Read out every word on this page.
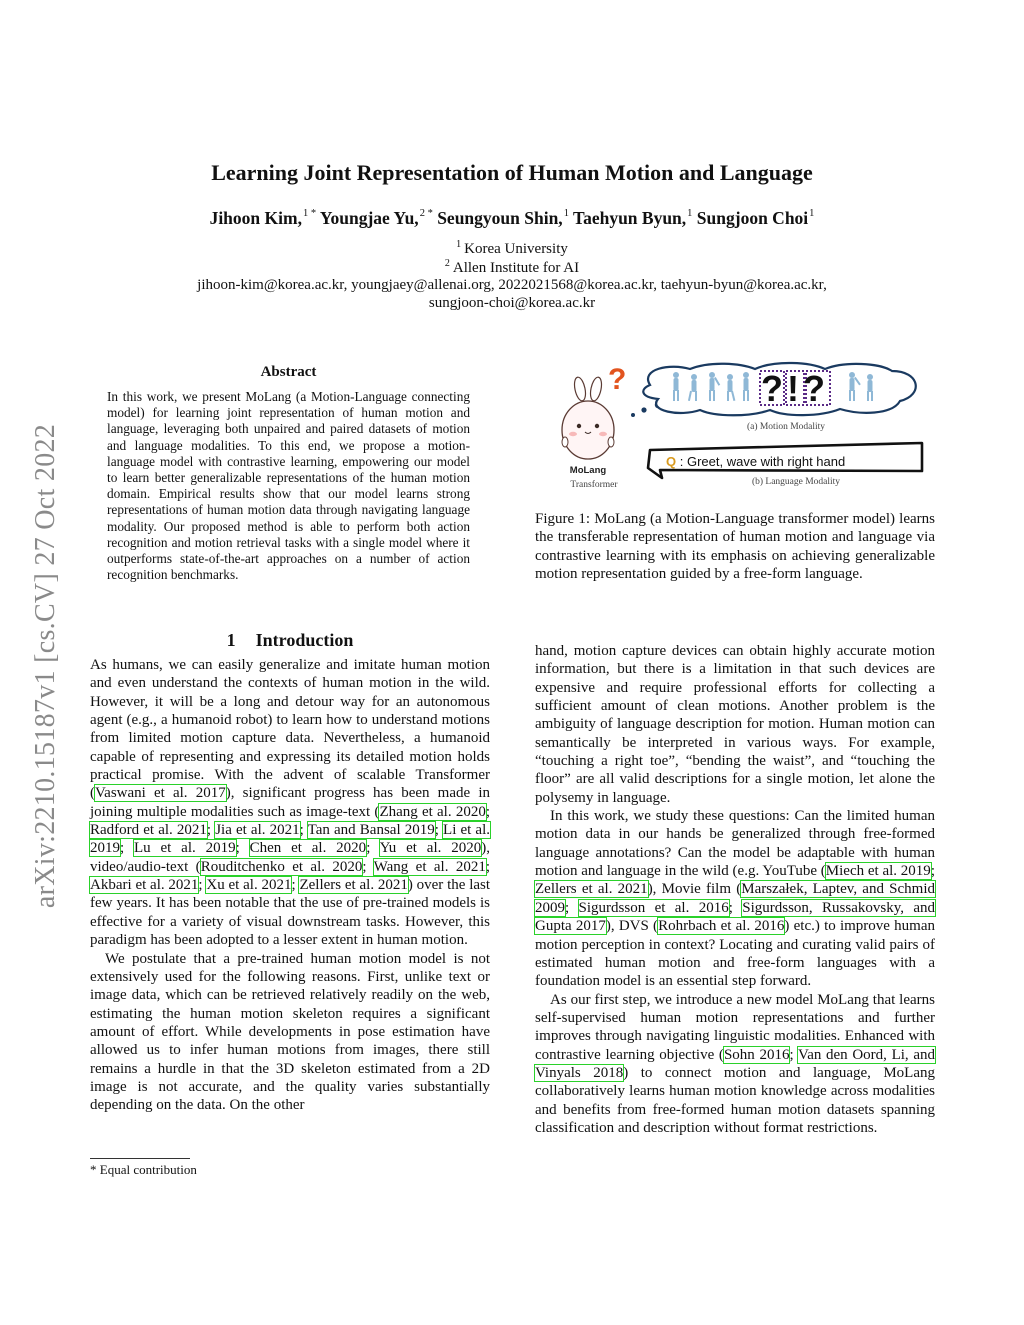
Learning Joint Representation of Human Motion and Language
Jihoon Kim,$^{1 *}$ Youngjae Yu,$^{2 *}$ Seungyoun Shin,$^1$ Taehyun Byun,$^1$ Sungjoon Choi$^1$
$^1$ Korea University
$^2$ Allen Institute for AI
jihoon-kim@korea.ac.kr, youngjaey@allenai.org, 2022021568@korea.ac.kr, taehyun-byun@korea.ac.kr,
sungjoon-choi@korea.ac.kr
arXiv:2210.15187v1 [cs.CV] 27 Oct 2022
Abstract
In this work, we present MoLang (a Motion-Language connecting model) for learning joint representation of human motion and language, leveraging both unpaired and paired datasets of motion and language modalities. To this end, we propose a motion-language model with contrastive learning, empowering our model to learn better generalizable representations of the human motion domain. Empirical results show that our model learns strong representations of human motion data through navigating language modality. Our proposed method is able to perform both action recognition and motion retrieval tasks with a single model where it outperforms state-of-the-art approaches on a number of action recognition benchmarks.
1 Introduction

As humans, we can easily generalize and imitate human motion and even understand the contexts of human motion in the wild. However, it will be a long and detour way for an autonomous agent (e.g., a humanoid robot) to learn how to understand motions from limited motion capture data. Nevertheless, a humanoid capable of representing and expressing its detailed motion holds practical promise. With the advent of scalable Transformer (Vaswani et al. 2017), significant progress has been made in joining multiple modalities such as image-text (Zhang et al. 2020; Radford et al. 2021; Jia et al. 2021; Tan and Bansal 2019; Li et al. 2019; Lu et al. 2019; Chen et al. 2020; Yu et al. 2020), video/audio-text (Rouditchenko et al. 2020; Wang et al. 2021; Akbari et al. 2021; Xu et al. 2021; Zellers et al. 2021) over the last few years. It has been notable that the use of pre-trained models is effective for a variety of visual downstream tasks. However, this paradigm has been adopted to a lesser extent in human motion.

We postulate that a pre-trained human motion model is not extensively used for the following reasons. First, unlike text or image data, which can be retrieved relatively readily on the web, estimating the human motion skeleton requires a significant amount of effort. While developments in pose estimation have allowed us to infer human motions from images, there still remains a hurdle in that the 3D skeleton estimated from a 2D image is not accurate, and the quality varies substantially depending on the data. On the other

* Equal contribution
?
MoLang
Transformer
?!?
(a) Motion Modality
Q : Greet, wave with right hand
(b) Language Modality
Figure 1: MoLang (a Motion-Language transformer model) learns the transferable representation of human motion and language via contrastive learning with its emphasis on achieving generalizable motion representation guided by a free-form language.

hand, motion capture devices can obtain highly accurate motion information, but there is a limitation in that such devices are expensive and require professional efforts for collecting a sufficient amount of clean motions. Another problem is the ambiguity of language description for motion. Human motion can semantically be interpreted in various ways. For example, “touching a right toe”, “bending the waist”, and “touching the floor” are all valid descriptions for a single motion, let alone the polysemy in language.

In this work, we study these questions: Can the limited human motion data in our hands be generalized through free-formed language annotations? Can the model be adaptable with human motion and language in the wild (e.g. YouTube (Miech et al. 2019; Zellers et al. 2021), Movie film (Marszałek, Laptev, and Schmid 2009; Sigurdsson et al. 2016; Sigurdsson, Russakovsky, and Gupta 2017), DVS (Rohrbach et al. 2016) etc.) to improve human motion perception in context? Locating and curating valid pairs of estimated human motion and free-form languages with a foundation model is an essential step forward.

As our first step, we introduce a new model MoLang that learns self-supervised human motion representations and further improves through navigating linguistic modalities. Enhanced with contrastive learning objective (Sohn 2016; Van den Oord, Li, and Vinyals 2018) to connect motion and language, MoLang collaboratively learns human motion knowledge across modalities and benefits from free-formed human motion datasets spanning classification and description without format restrictions.
